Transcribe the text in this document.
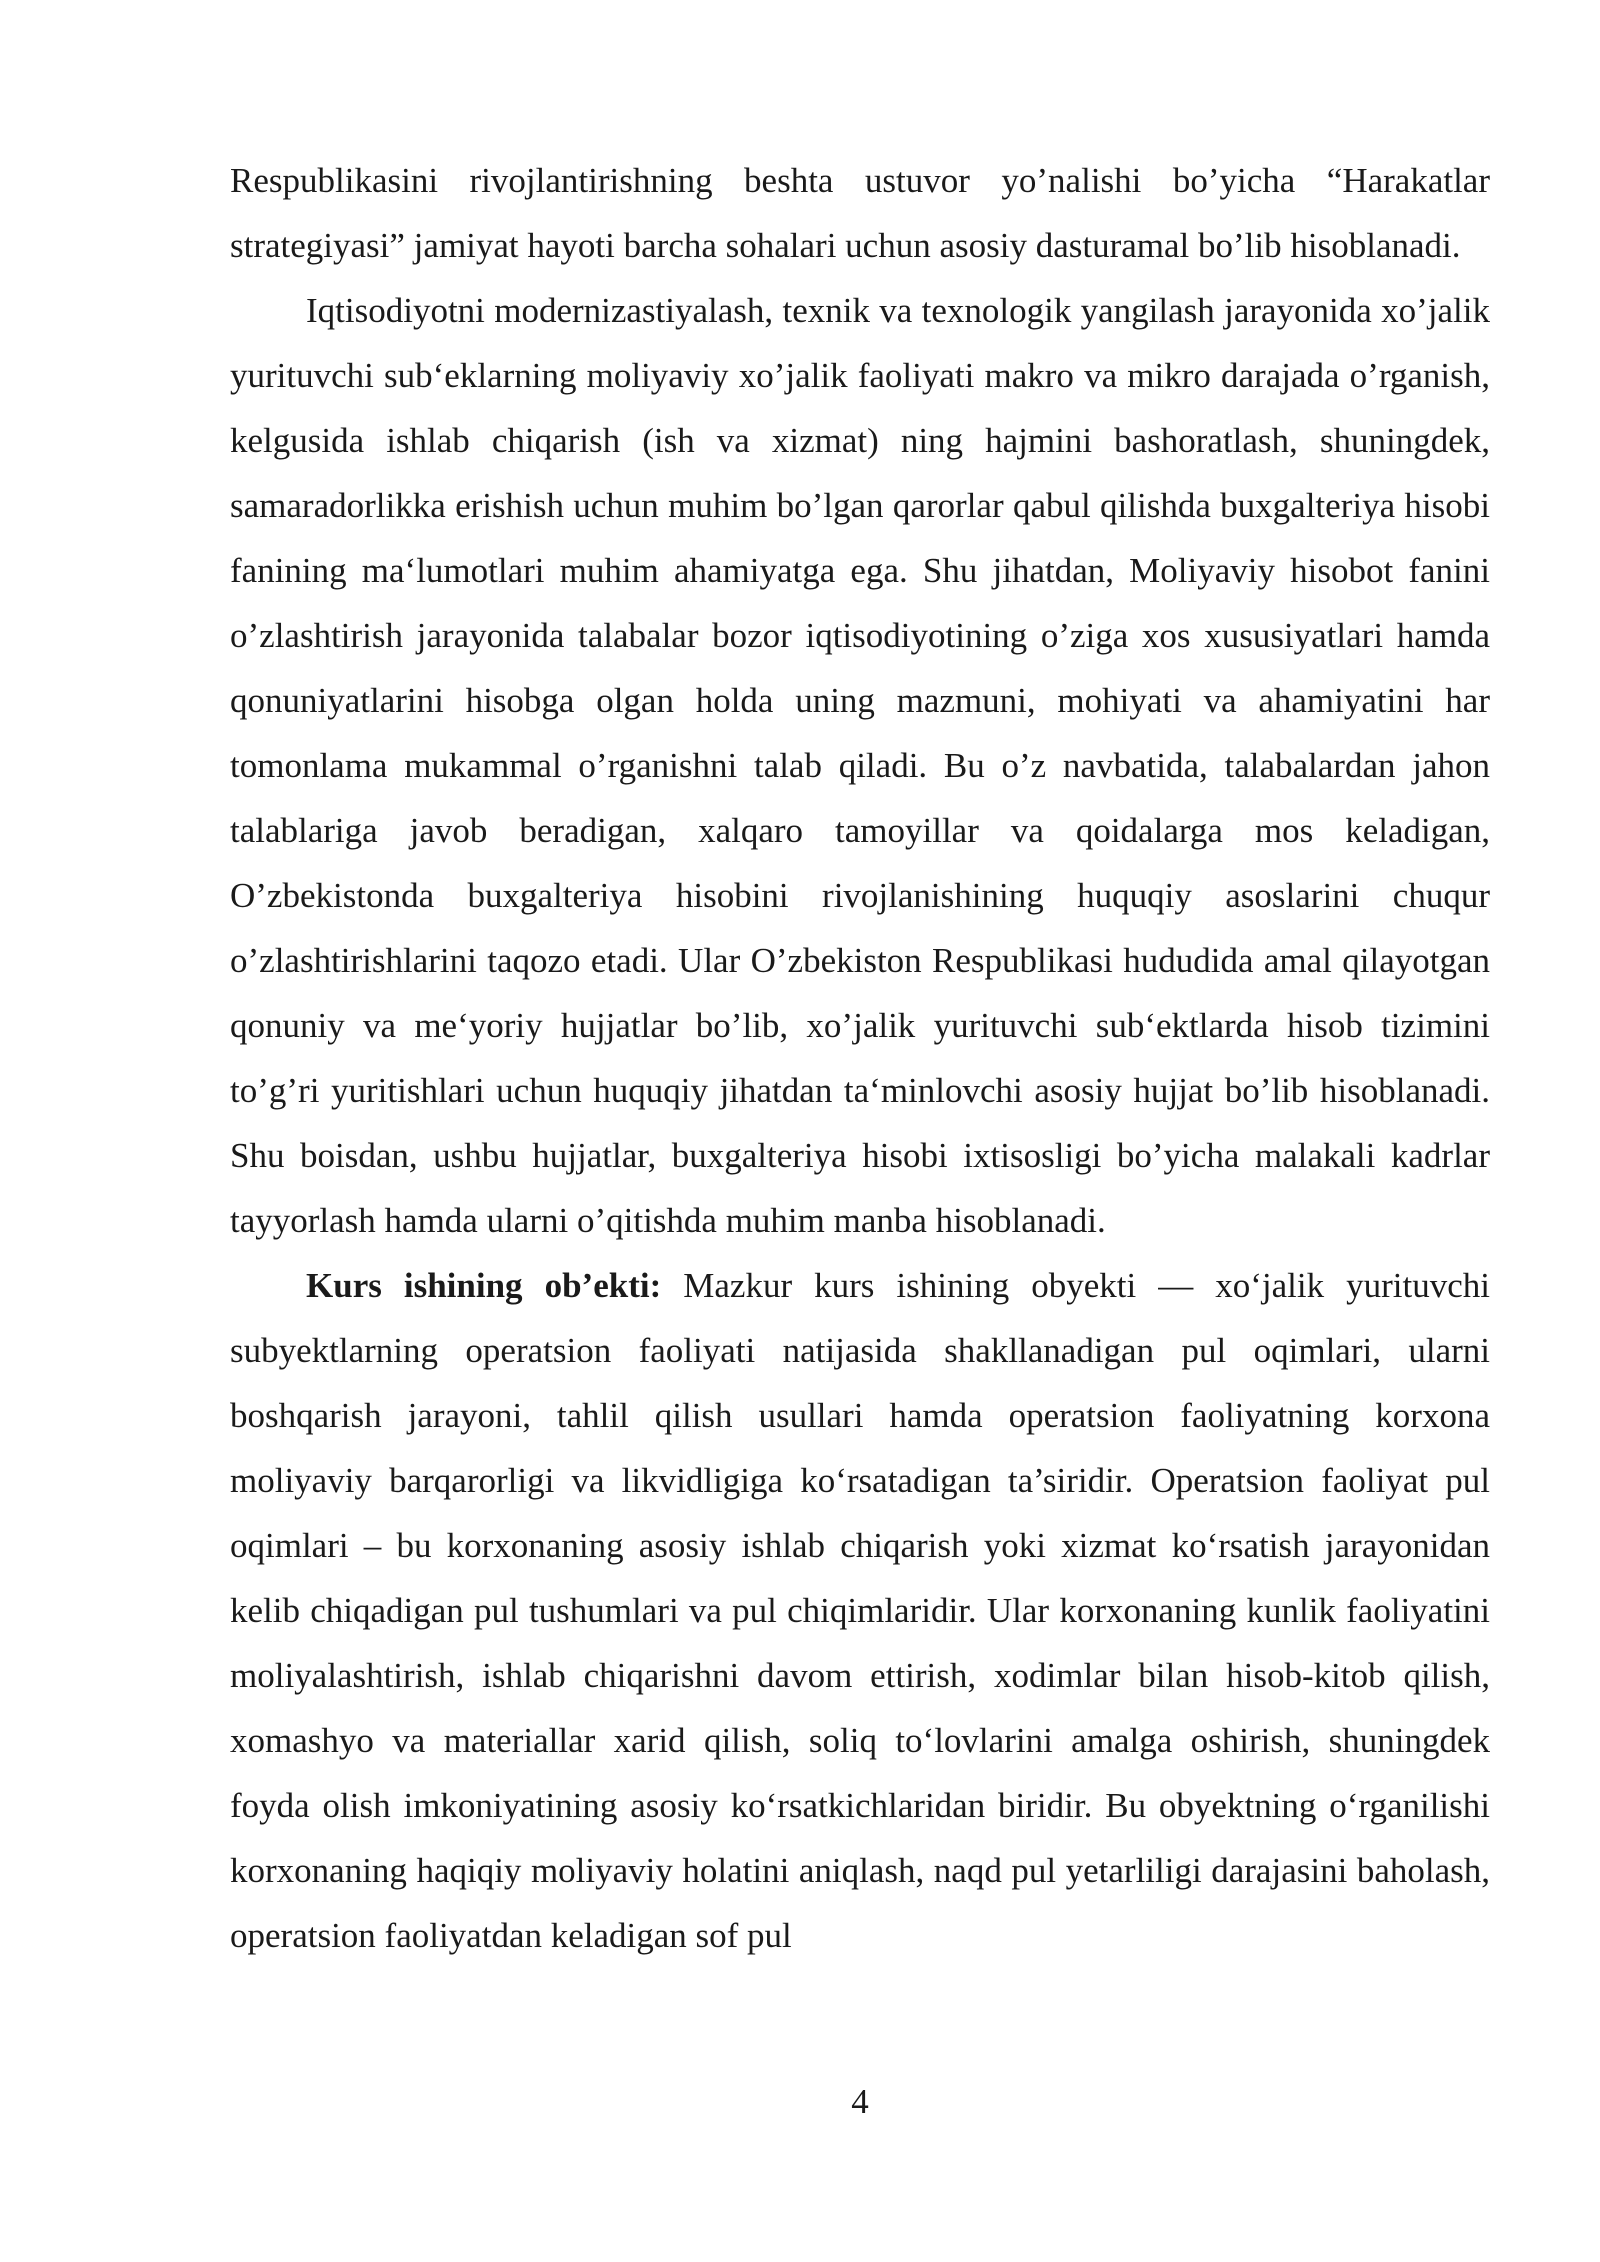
Respublikasini rivojlantirishning beshta ustuvor yo’nalishi bo’yicha “Harakatlar strategiyasi” jamiyat hayoti barcha sohalari uchun asosiy dasturamal bo’lib hisoblanadi.

Iqtisodiyotni modernizastiyalash, texnik va texnologik yangilash jarayonida xo’jalik yurituvchi sub‘eklarning moliyaviy xo’jalik faoliyati makro va mikro darajada o’rganish, kelgusida ishlab chiqarish (ish va xizmat) ning hajmini bashoratlash, shuningdek, samaradorlikka erishish uchun muhim bo’lgan qarorlar qabul qilishda buxgalteriya hisobi fanining ma‘lumotlari muhim ahamiyatga ega. Shu jihatdan, Moliyaviy hisobot fanini o’zlashtirish jarayonida talabalar bozor iqtisodiyotining o’ziga xos xususiyatlari hamda qonuniyatlarini hisobga olgan holda uning mazmuni, mohiyati va ahamiyatini har tomonlama mukammal o’rganishni talab qiladi. Bu o’z navbatida, talabalardan jahon talablariga javob beradigan, xalqaro tamoyillar va qoidalarga mos keladigan, O’zbekistonda buxgalteriya hisobini rivojlanishining huquqiy asoslarini chuqur o’zlashtirishlarini taqozo etadi. Ular O’zbekiston Respublikasi hududida amal qilayotgan qonuniy va me‘yoriy hujjatlar bo’lib, xo’jalik yurituvchi sub‘ektlarda hisob tizimini to’g’ri yuritishlari uchun huquqiy jihatdan ta‘minlovchi asosiy hujjat bo’lib hisoblanadi. Shu boisdan, ushbu hujjatlar, buxgalteriya hisobi ixtisosligi bo’yicha malakali kadrlar tayyorlash hamda ularni o’qitishda muhim manba hisoblanadi.

Kurs ishining ob’ekti: Mazkur kurs ishining obyekti — xo‘jalik yurituvchi subyektlarning operatsion faoliyati natijasida shakllanadigan pul oqimlari, ularni boshqarish jarayoni, tahlil qilish usullari hamda operatsion faoliyatning korxona moliyaviy barqarorligi va likvidligiga ko‘rsatadigan ta’siridir. Operatsion faoliyat pul oqimlari – bu korxonaning asosiy ishlab chiqarish yoki xizmat ko‘rsatish jarayonidan kelib chiqadigan pul tushumlari va pul chiqimlaridir. Ular korxonaning kunlik faoliyatini moliyalashtirish, ishlab chiqarishni davom ettirish, xodimlar bilan hisob-kitob qilish, xomashyo va materiallar xarid qilish, soliq to‘lovlarini amalga oshirish, shuningdek foyda olish imkoniyatining asosiy ko‘rsatkichlaridan biridir. Bu obyektning o‘rganilishi korxonaning haqiqiy moliyaviy holatini aniqlash, naqd pul yetarliligi darajasini baholash, operatsion faoliyatdan keladigan sof pul

4
